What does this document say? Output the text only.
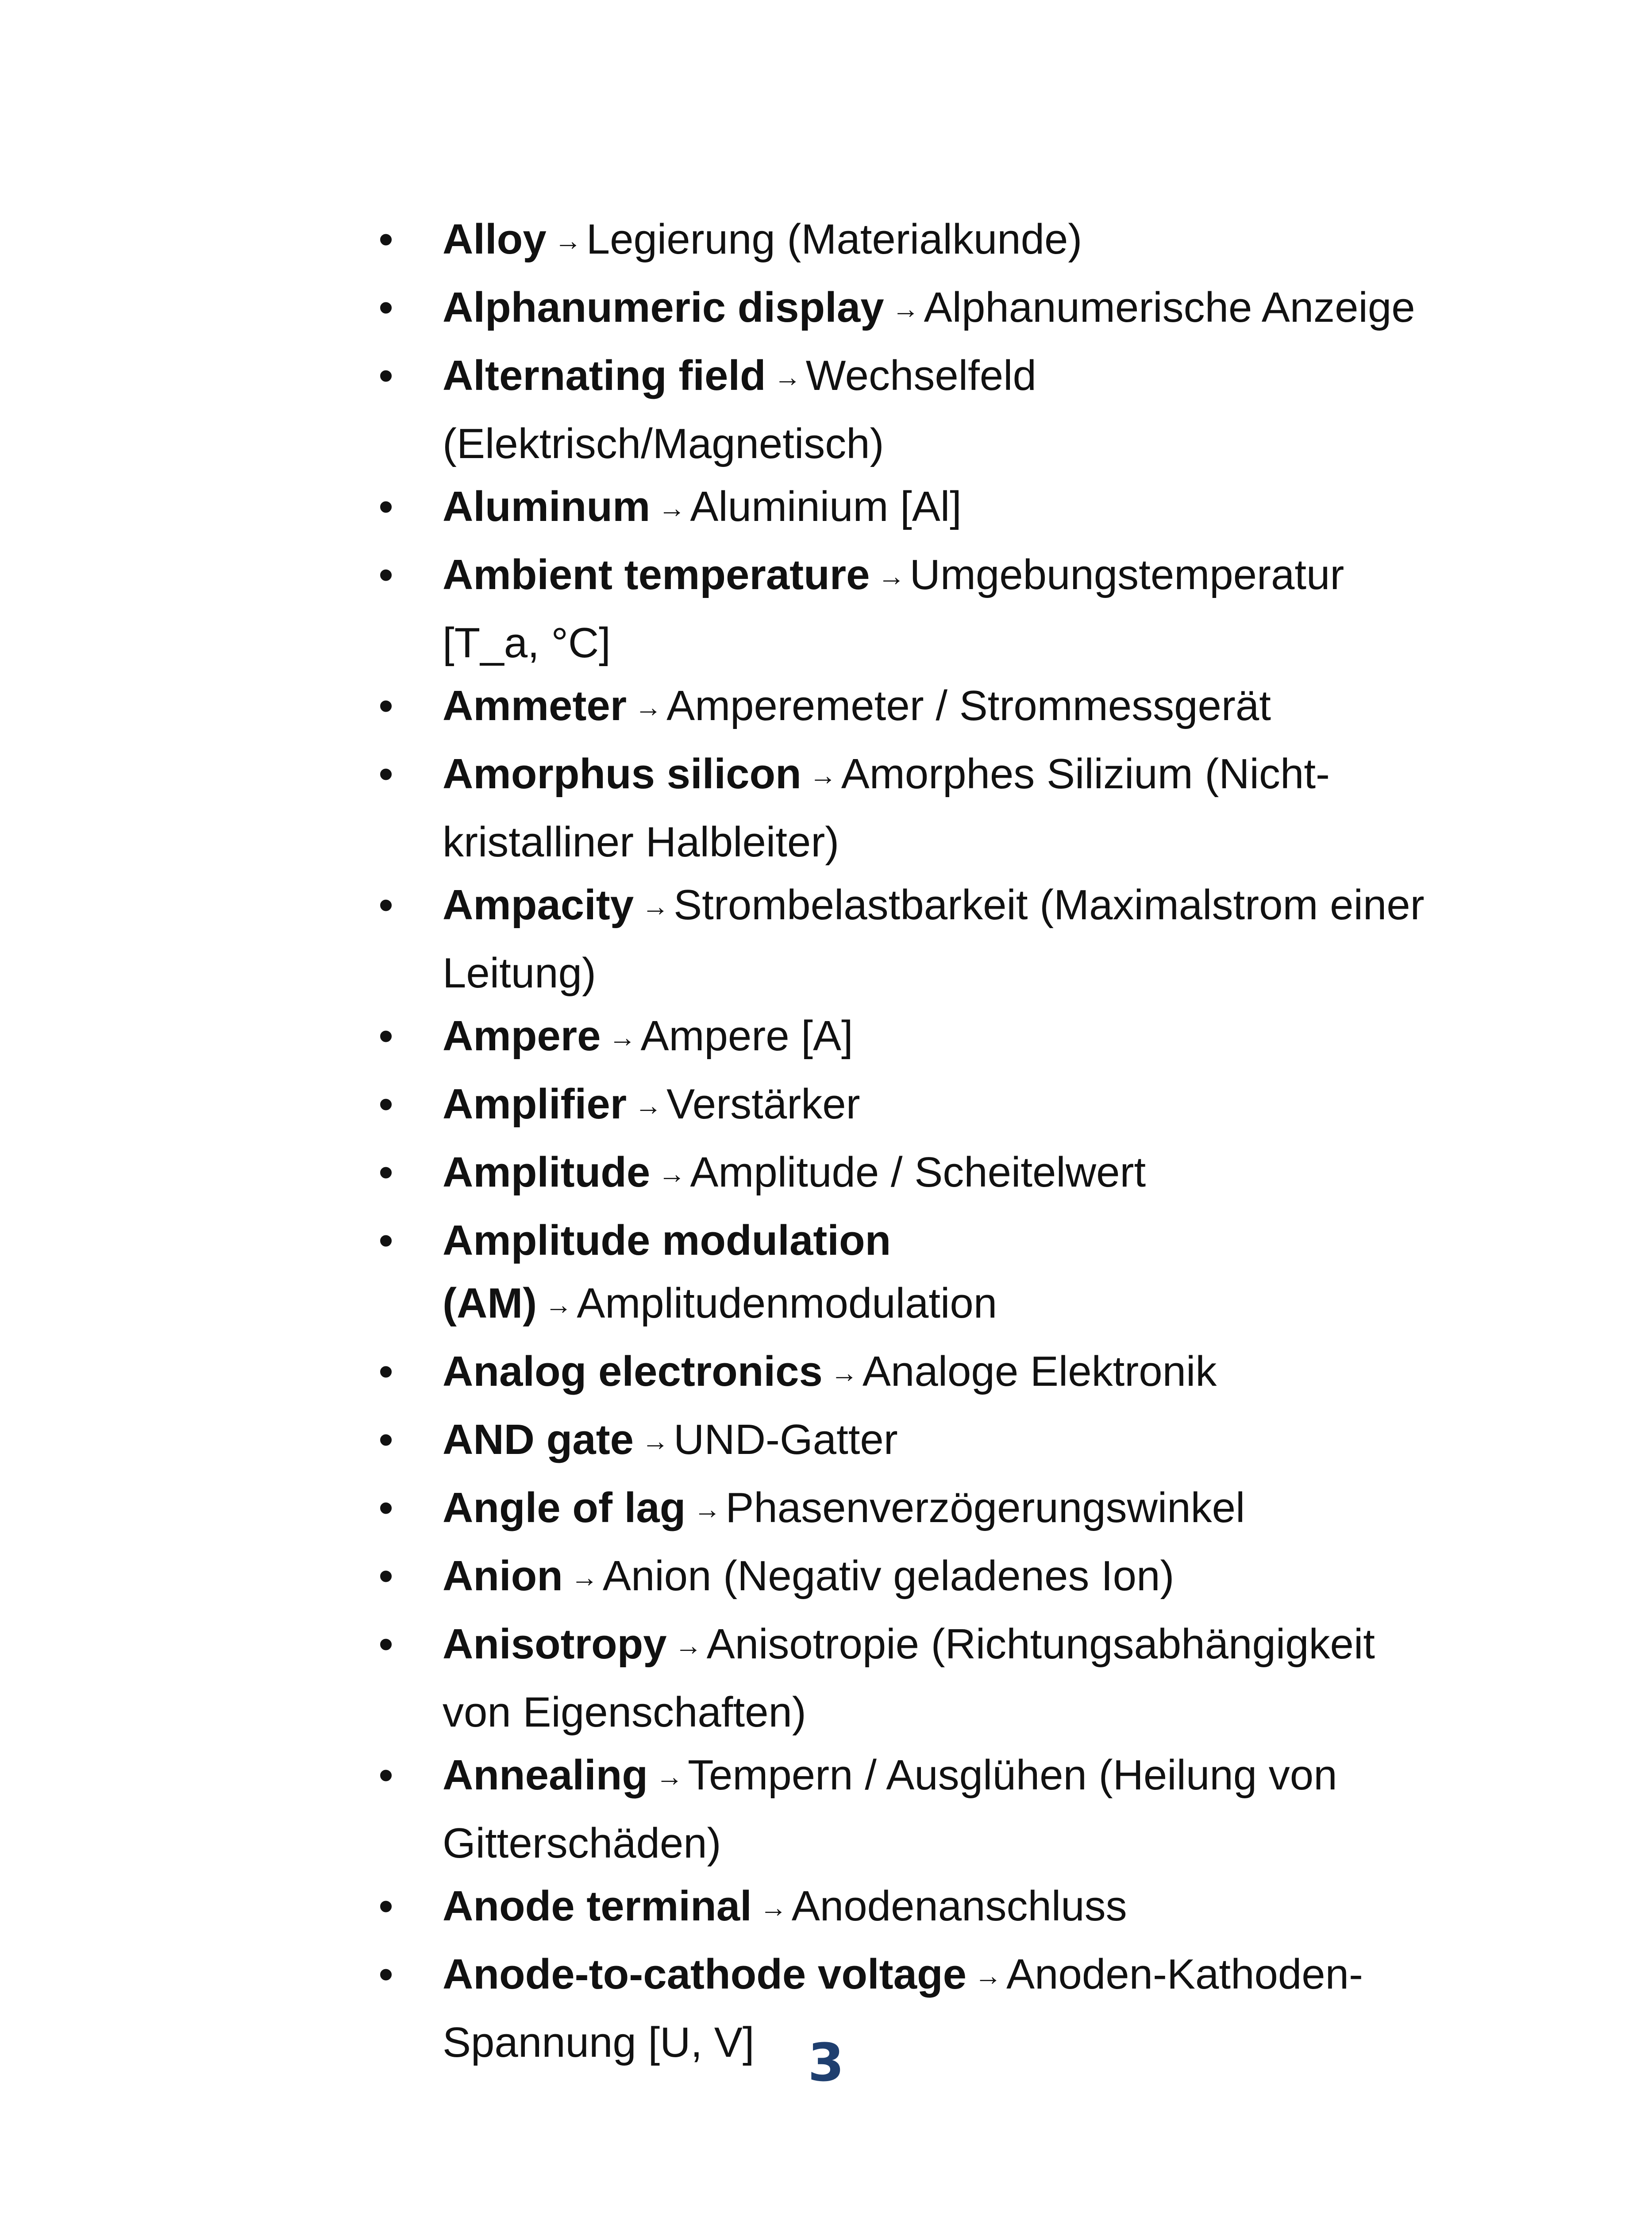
• Alloy → Legierung (Materialkunde)
• Alphanumeric display → Alphanumerische Anzeige
• Alternating field → Wechselfeld (Elektrisch/Magnetisch)
• Aluminum → Aluminium [Al]
• Ambient temperature → Umgebungstemperatur [T_a, °C]
• Ammeter → Amperemeter / Strommessgerät
• Amorphus silicon → Amorphes Silizium (Nicht-kristalliner Halbleiter)
• Ampacity → Strombelastbarkeit (Maximalstrom einer Leitung)
• Ampere → Ampere [A]
• Amplifier → Verstärker
• Amplitude → Amplitude / Scheitelwert
• Amplitude modulation (AM) → Amplitudenmodulation
• Analog electronics → Analoge Elektronik
• AND gate → UND-Gatter
• Angle of lag → Phasenverzögerungswinkel
• Anion → Anion (Negativ geladenes Ion)
• Anisotropy → Anisotropie (Richtungsabhängigkeit von Eigenschaften)
• Annealing → Tempern / Ausglühen (Heilung von Gitterschäden)
• Anode terminal → Anodenanschluss
• Anode-to-cathode voltage → Anoden-Kathoden-Spannung [U, V]	3
